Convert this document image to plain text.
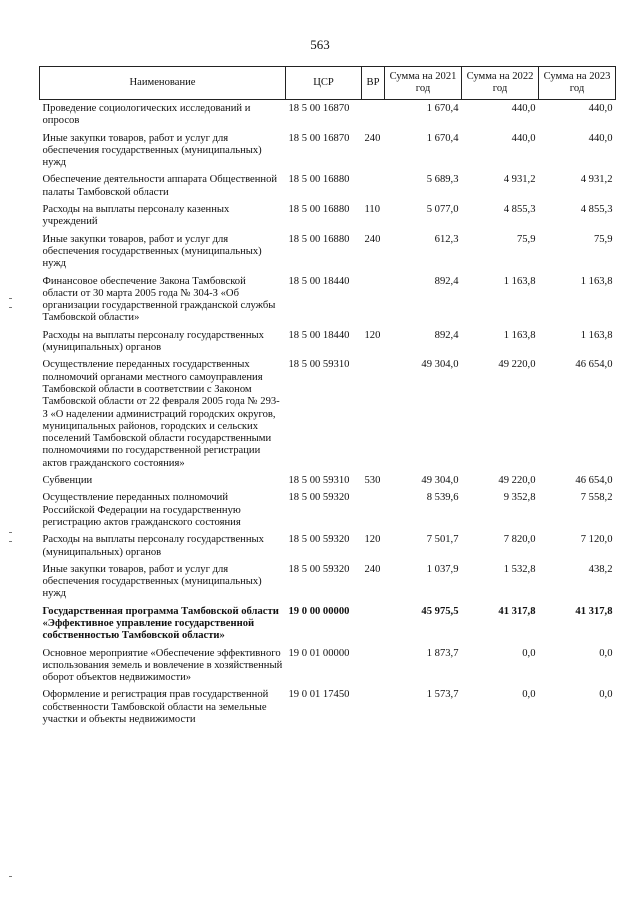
563
Наименование	ЦСР	ВР	Сумма на 2021 год	Сумма на 2022 год	Сумма на 2023 год
Проведение социологических исследований и опросов	18 5 00 16870		1 670,4	440,0	440,0
Иные закупки товаров, работ и услуг для обеспечения государственных (муниципальных) нужд	18 5 00 16870	240	1 670,4	440,0	440,0
Обеспечение деятельности аппарата Общественной палаты Тамбовской области	18 5 00 16880		5 689,3	4 931,2	4 931,2
Расходы на выплаты персоналу казенных учреждений	18 5 00 16880	110	5 077,0	4 855,3	4 855,3
Иные закупки товаров, работ и услуг для обеспечения государственных (муниципальных) нужд	18 5 00 16880	240	612,3	75,9	75,9
Финансовое обеспечение Закона Тамбовской области от 30 марта 2005 года № 304-З «Об организации государственной гражданской службы Тамбовской области»	18 5 00 18440		892,4	1 163,8	1 163,8
Расходы на выплаты персоналу государственных (муниципальных) органов	18 5 00 18440	120	892,4	1 163,8	1 163,8
Осуществление переданных государственных полномочий органами местного самоуправления Тамбовской области в соответствии с Законом Тамбовской области от 22 февраля 2005 года № 293-З «О наделении администраций городских округов, муниципальных районов, городских и сельских поселений Тамбовской области государственными полномочиями по государственной регистрации актов гражданского состояния»	18 5 00 59310		49 304,0	49 220,0	46 654,0
Субвенции	18 5 00 59310	530	49 304,0	49 220,0	46 654,0
Осуществление переданных полномочий Российской Федерации на государственную регистрацию актов гражданского состояния	18 5 00 59320		8 539,6	9 352,8	7 558,2
Расходы на выплаты персоналу государственных (муниципальных) органов	18 5 00 59320	120	7 501,7	7 820,0	7 120,0
Иные закупки товаров, работ и услуг для обеспечения государственных (муниципальных) нужд	18 5 00 59320	240	1 037,9	1 532,8	438,2
Государственная программа Тамбовской области «Эффективное управление государственной собственностью Тамбовской области»	19 0 00 00000		45 975,5	41 317,8	41 317,8
Основное мероприятие «Обеспечение эффективного использования земель и вовлечение в хозяйственный оборот объектов недвижимости»	19 0 01 00000		1 873,7	0,0	0,0
Оформление и регистрация прав государственной собственности Тамбовской области на земельные участки и объекты недвижимости	19 0 01 17450		1 573,7	0,0	0,0
